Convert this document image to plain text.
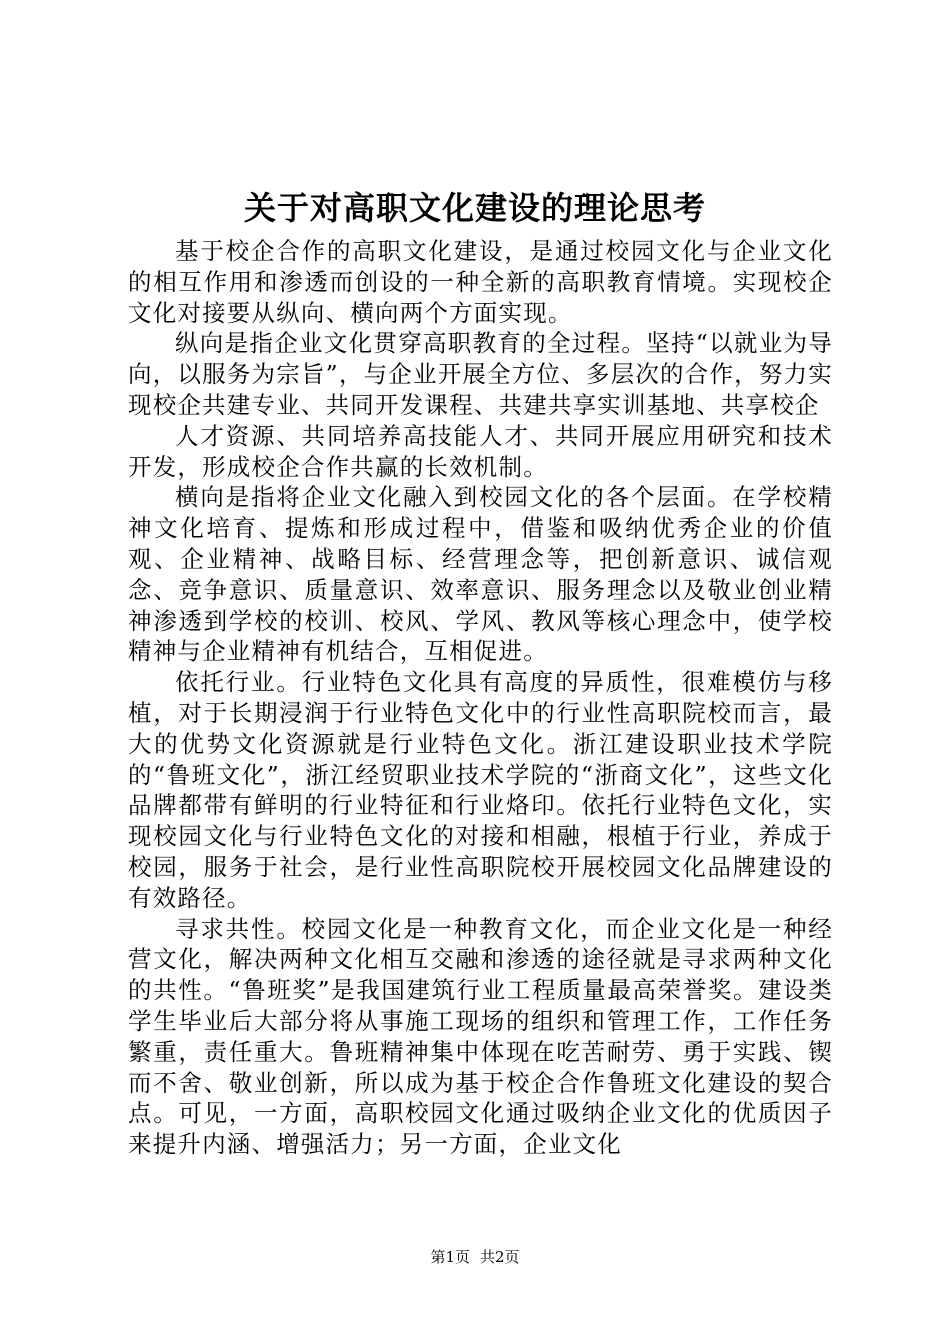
关于对高职文化建设的理论思考

基于校企合作的高职文化建设，是通过校园文化与企业文化的相互作用和渗透而创设的一种全新的高职教育情境。实现校企文化对接要从纵向、横向两个方面实现。

纵向是指企业文化贯穿高职教育的全过程。坚持“以就业为导向，以服务为宗旨”，与企业开展全方位、多层次的合作，努力实现校企共建专业、共同开发课程、共建共享实训基地、共享校企

人才资源、共同培养高技能人才、共同开展应用研究和技术开发，形成校企合作共赢的长效机制。

横向是指将企业文化融入到校园文化的各个层面。在学校精神文化培育、提炼和形成过程中，借鉴和吸纳优秀企业的价值观、企业精神、战略目标、经营理念等，把创新意识、诚信观念、竞争意识、质量意识、效率意识、服务理念以及敬业创业精神渗透到学校的校训、校风、学风、教风等核心理念中，使学校精神与企业精神有机结合，互相促进。

依托行业。行业特色文化具有高度的异质性，很难模仿与移植，对于长期浸润于行业特色文化中的行业性高职院校而言，最大的优势文化资源就是行业特色文化。浙江建设职业技术学院的“鲁班文化”，浙江经贸职业技术学院的“浙商文化”，这些文化品牌都带有鲜明的行业特征和行业烙印。依托行业特色文化，实现校园文化与行业特色文化的对接和相融，根植于行业，养成于校园，服务于社会，是行业性高职院校开展校园文化品牌建设的有效路径。

寻求共性。校园文化是一种教育文化，而企业文化是一种经营文化，解决两种文化相互交融和渗透的途径就是寻求两种文化的共性。“鲁班奖”是我国建筑行业工程质量最高荣誉奖。建设类学生毕业后大部分将从事施工现场的组织和管理工作，工作任务繁重，责任重大。鲁班精神集中体现在吃苦耐劳、勇于实践、锲而不舍、敬业创新，所以成为基于校企合作鲁班文化建设的契合点。可见，一方面，高职校园文化通过吸纳企业文化的优质因子来提升内涵、增强活力；另一方面，企业文化

第1页 共2页
